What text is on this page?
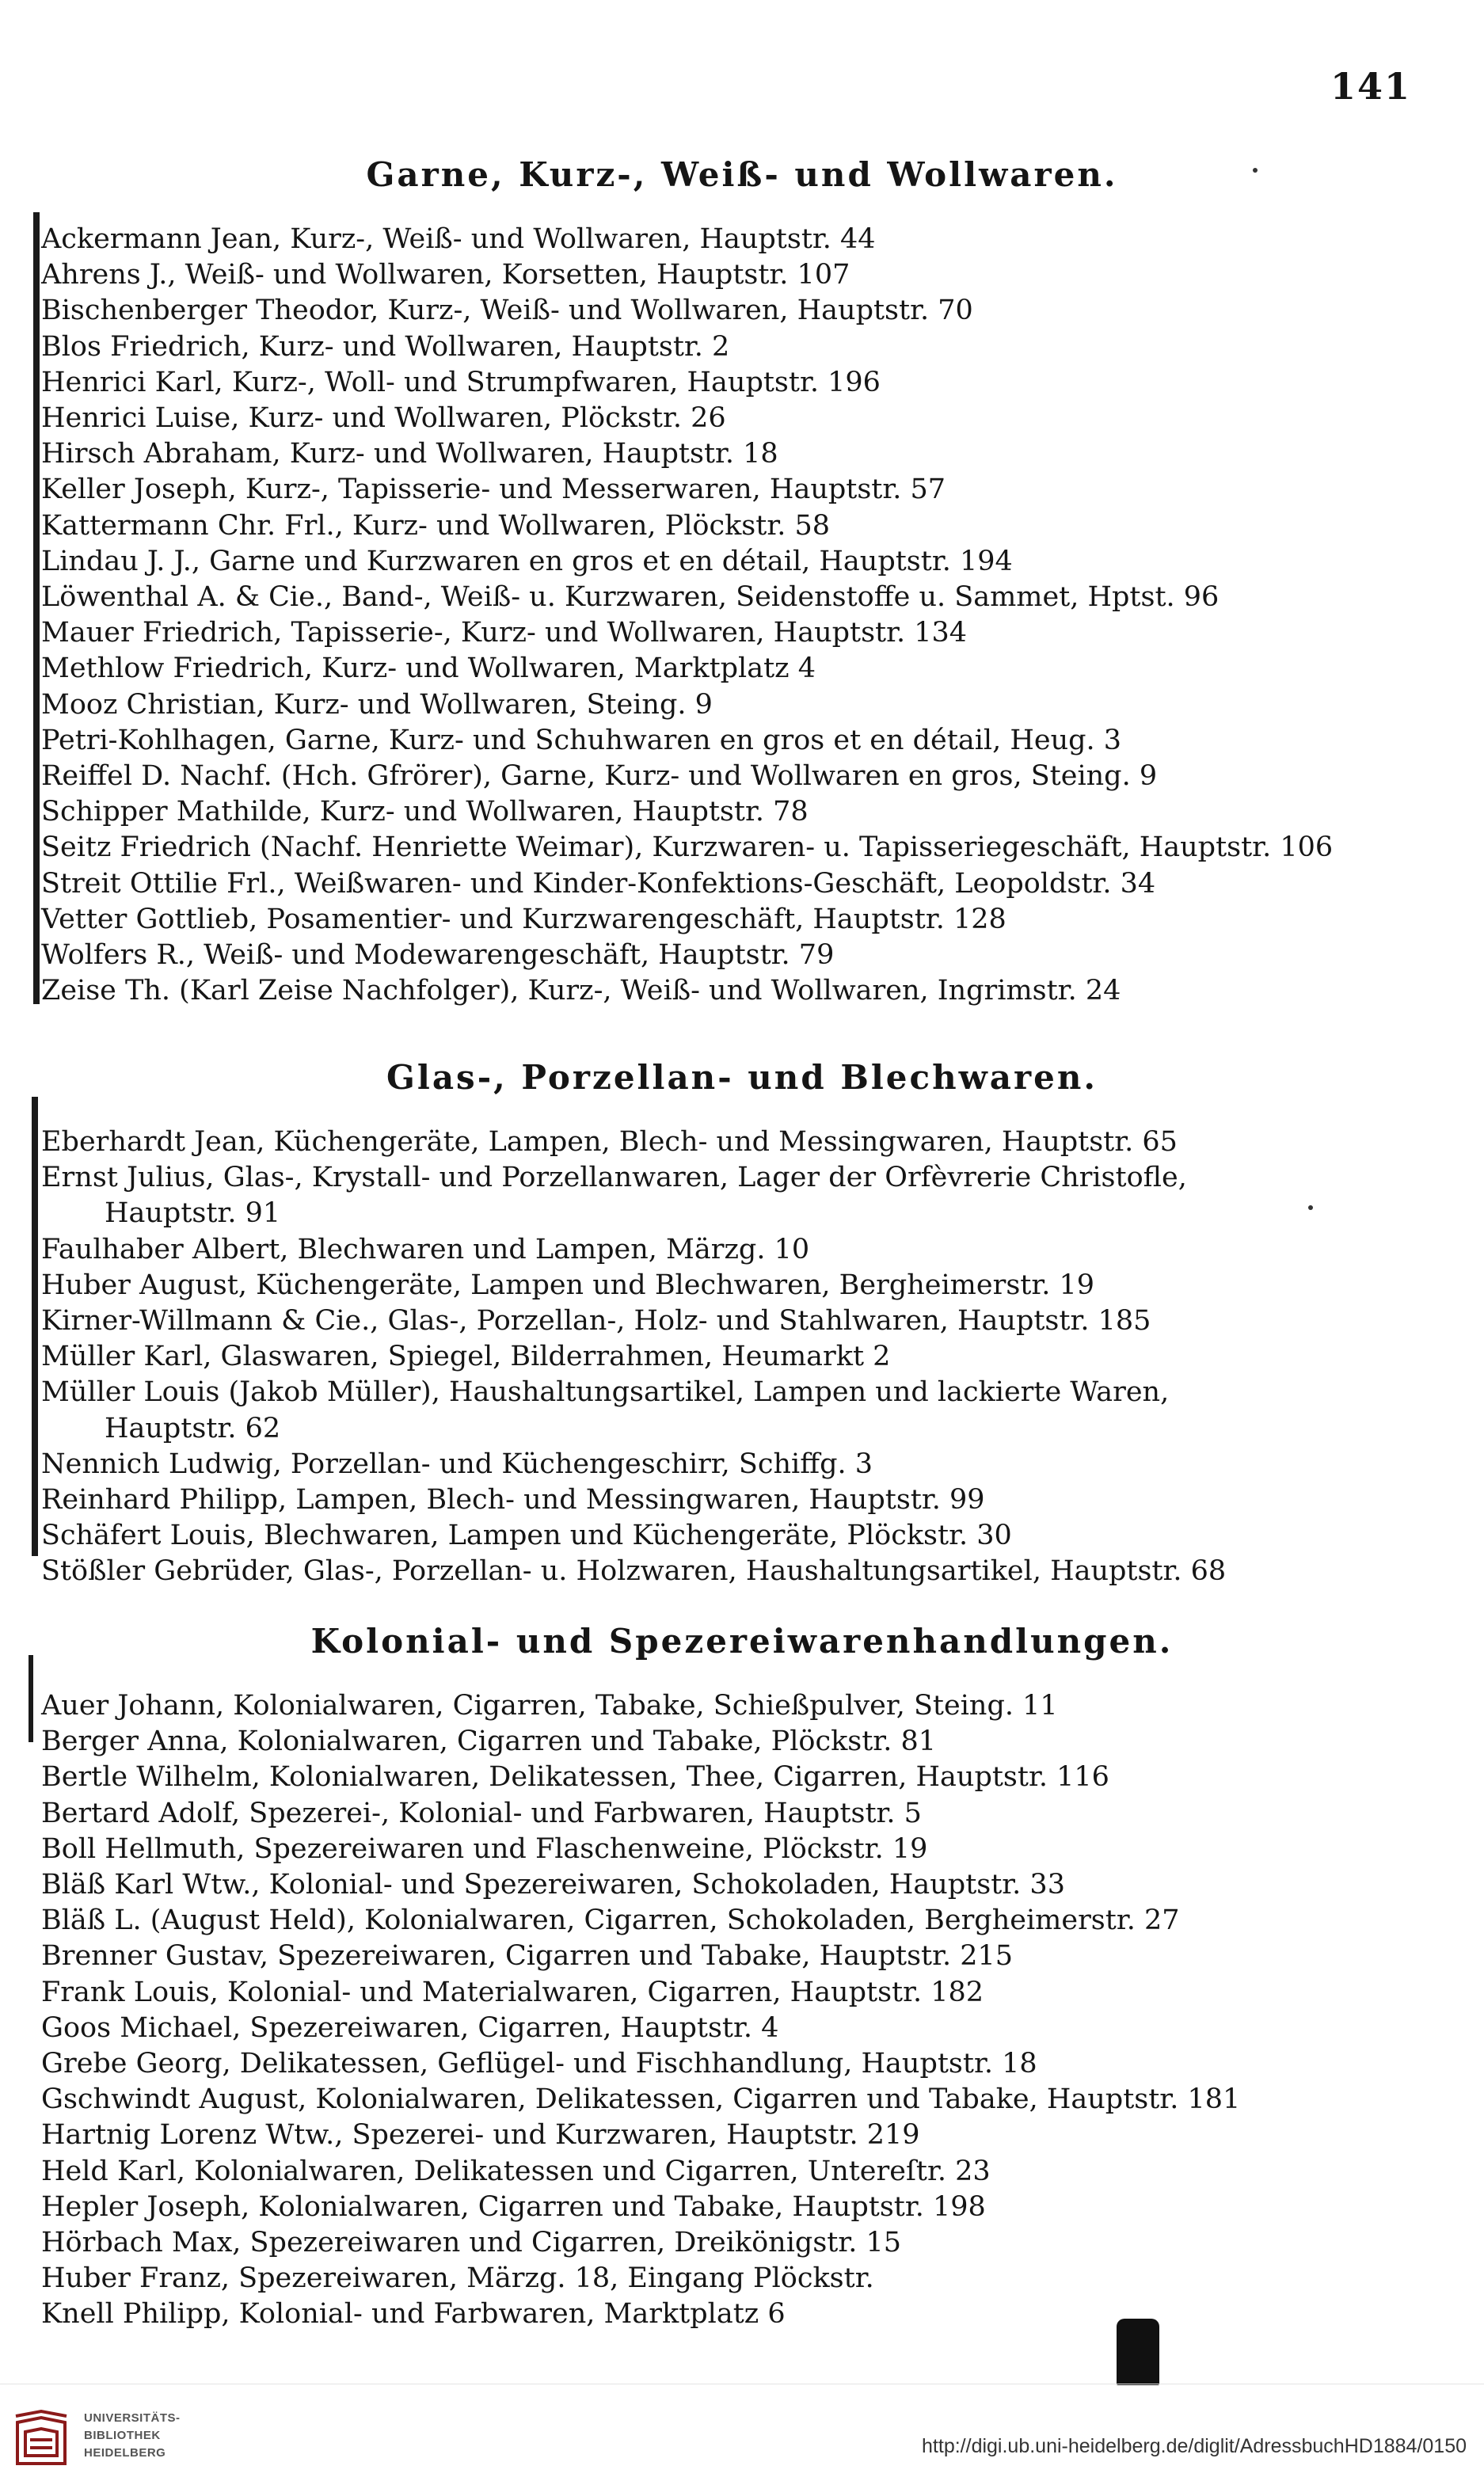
141
Garne, Kurz-, Weiß- und Wollwaren.
Ackermann Jean, Kurz-, Weiß- und Wollwaren, Hauptstr. 44
Ahrens J., Weiß- und Wollwaren, Korsetten, Hauptstr. 107
Bischenberger Theodor, Kurz-, Weiß- und Wollwaren, Hauptstr. 70
Blos Friedrich, Kurz- und Wollwaren, Hauptstr. 2
Henrici Karl, Kurz-, Woll- und Strumpfwaren, Hauptstr. 196
Henrici Luise, Kurz- und Wollwaren, Plöckstr. 26
Hirsch Abraham, Kurz- und Wollwaren, Hauptstr. 18
Keller Joseph, Kurz-, Tapisserie- und Messerwaren, Hauptstr. 57
Kattermann Chr. Frl., Kurz- und Wollwaren, Plöckstr. 58
Lindau J. J., Garne und Kurzwaren en gros et en détail, Hauptstr. 194
Löwenthal A. & Cie., Band-, Weiß- u. Kurzwaren, Seidenstoffe u. Sammet, Hptst. 96
Mauer Friedrich, Tapisserie-, Kurz- und Wollwaren, Hauptstr. 134
Methlow Friedrich, Kurz- und Wollwaren, Marktplatz 4
Mooz Christian, Kurz- und Wollwaren, Steing. 9
Petri-Kohlhagen, Garne, Kurz- und Schuhwaren en gros et en détail, Heug. 3
Reiffel D. Nachf. (Hch. Gfrörer), Garne, Kurz- und Wollwaren en gros, Steing. 9
Schipper Mathilde, Kurz- und Wollwaren, Hauptstr. 78
Seitz Friedrich (Nachf. Henriette Weimar), Kurzwaren- u. Tapisseriegeschäft, Hauptstr. 106
Streit Ottilie Frl., Weißwaren- und Kinder-Konfektions-Geschäft, Leopoldstr. 34
Vetter Gottlieb, Posamentier- und Kurzwarengeschäft, Hauptstr. 128
Wolfers R., Weiß- und Modewarengeschäft, Hauptstr. 79
Zeise Th. (Karl Zeise Nachfolger), Kurz-, Weiß- und Wollwaren, Ingrimstr. 24
Glas-, Porzellan- und Blechwaren.
Eberhardt Jean, Küchengeräte, Lampen, Blech- und Messingwaren, Hauptstr. 65
Ernst Julius, Glas-, Krystall- und Porzellanwaren, Lager der Orfèvrerie Christofle,
Hauptstr. 91
Faulhaber Albert, Blechwaren und Lampen, Märzg. 10
Huber August, Küchengeräte, Lampen und Blechwaren, Bergheimerstr. 19
Kirner-Willmann & Cie., Glas-, Porzellan-, Holz- und Stahlwaren, Hauptstr. 185
Müller Karl, Glaswaren, Spiegel, Bilderrahmen, Heumarkt 2
Müller Louis (Jakob Müller), Haushaltungsartikel, Lampen und lackierte Waren,
Hauptstr. 62
Nennich Ludwig, Porzellan- und Küchengeschirr, Schiffg. 3
Reinhard Philipp, Lampen, Blech- und Messingwaren, Hauptstr. 99
Schäfert Louis, Blechwaren, Lampen und Küchengeräte, Plöckstr. 30
Stößler Gebrüder, Glas-, Porzellan- u. Holzwaren, Haushaltungsartikel, Hauptstr. 68
Kolonial- und Spezereiwarenhandlungen.
Auer Johann, Kolonialwaren, Cigarren, Tabake, Schießpulver, Steing. 11
Berger Anna, Kolonialwaren, Cigarren und Tabake, Plöckstr. 81
Bertle Wilhelm, Kolonialwaren, Delikatessen, Thee, Cigarren, Hauptstr. 116
Bertard Adolf, Spezerei-, Kolonial- und Farbwaren, Hauptstr. 5
Boll Hellmuth, Spezereiwaren und Flaschenweine, Plöckstr. 19
Bläß Karl Wtw., Kolonial- und Spezereiwaren, Schokoladen, Hauptstr. 33
Bläß L. (August Held), Kolonialwaren, Cigarren, Schokoladen, Bergheimerstr. 27
Brenner Gustav, Spezereiwaren, Cigarren und Tabake, Hauptstr. 215
Frank Louis, Kolonial- und Materialwaren, Cigarren, Hauptstr. 182
Goos Michael, Spezereiwaren, Cigarren, Hauptstr. 4
Grebe Georg, Delikatessen, Geflügel- und Fischhandlung, Hauptstr. 18
Gschwindt August, Kolonialwaren, Delikatessen, Cigarren und Tabake, Hauptstr. 181
Hartnig Lorenz Wtw., Spezerei- und Kurzwaren, Hauptstr. 219
Held Karl, Kolonialwaren, Delikatessen und Cigarren, Untereſtr. 23
Hepler Joseph, Kolonialwaren, Cigarren und Tabake, Hauptstr. 198
Hörbach Max, Spezereiwaren und Cigarren, Dreikönigstr. 15
Huber Franz, Spezereiwaren, Märzg. 18, Eingang Plöckstr.
Knell Philipp, Kolonial- und Farbwaren, Marktplatz 6
UNIVERSITÄTS-
BIBLIOTHEK
HEIDELBERG	http://digi.ub.uni-heidelberg.de/diglit/AdressbuchHD1884/0150
